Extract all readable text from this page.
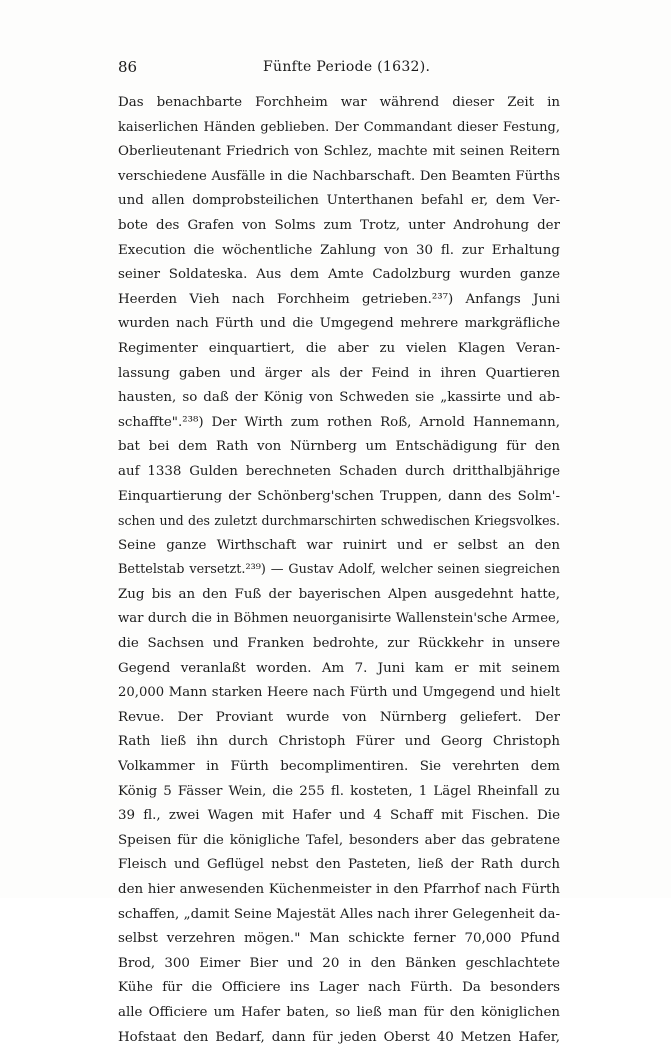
86	Fünfte Periode (1632).
Das benachbarte Forchheim war während dieser Zeit in
kaiserlichen Händen geblieben. Der Commandant dieser Festung,
Oberlieutenant Friedrich von Schlez, machte mit seinen Reitern
verschiedene Ausfälle in die Nachbarschaft. Den Beamten Fürths
und allen domprobsteilichen Unterthanen befahl er, dem Ver-
bote des Grafen von Solms zum Trotz, unter Androhung der
Execution die wöchentliche Zahlung von 30 fl. zur Erhaltung
seiner Soldateska. Aus dem Amte Cadolzburg wurden ganze
Heerden Vieh nach Forchheim getrieben.²³⁷) Anfangs Juni
wurden nach Fürth und die Umgegend mehrere markgräfliche
Regimenter einquartiert, die aber zu vielen Klagen Veran-
lassung gaben und ärger als der Feind in ihren Quartieren
hausten, so daß der König von Schweden sie „kassirte und ab-
schaffte".²³⁸) Der Wirth zum rothen Roß, Arnold Hannemann,
bat bei dem Rath von Nürnberg um Entschädigung für den
auf 1338 Gulden berechneten Schaden durch dritthalbjährige
Einquartierung der Schönberg'schen Truppen, dann des Solm'-
schen und des zuletzt durchmarschirten schwedischen Kriegsvolkes.
Seine ganze Wirthschaft war ruinirt und er selbst an den
Bettelstab versetzt.²³⁹) — Gustav Adolf, welcher seinen siegreichen
Zug bis an den Fuß der bayerischen Alpen ausgedehnt hatte,
war durch die in Böhmen neuorganisirte Wallenstein'sche Armee,
die Sachsen und Franken bedrohte, zur Rückkehr in unsere
Gegend veranlaßt worden. Am 7. Juni kam er mit seinem
20,000 Mann starken Heere nach Fürth und Umgegend und hielt
Revue. Der Proviant wurde von Nürnberg geliefert. Der
Rath ließ ihn durch Christoph Fürer und Georg Christoph
Volkammer in Fürth becomplimentiren. Sie verehrten dem
König 5 Fässer Wein, die 255 fl. kosteten, 1 Lägel Rheinfall zu
39 fl., zwei Wagen mit Hafer und 4 Schaff mit Fischen. Die
Speisen für die königliche Tafel, besonders aber das gebratene
Fleisch und Geflügel nebst den Pasteten, ließ der Rath durch
den hier anwesenden Küchenmeister in den Pfarrhof nach Fürth
schaffen, „damit Seine Majestät Alles nach ihrer Gelegenheit da-
selbst verzehren mögen." Man schickte ferner 70,000 Pfund
Brod, 300 Eimer Bier und 20 in den Bänken geschlachtete
Kühe für die Officiere ins Lager nach Fürth. Da besonders
alle Officiere um Hafer baten, so ließ man für den königlichen
Hofstaat den Bedarf, dann für jeden Oberst 40 Metzen Hafer,
